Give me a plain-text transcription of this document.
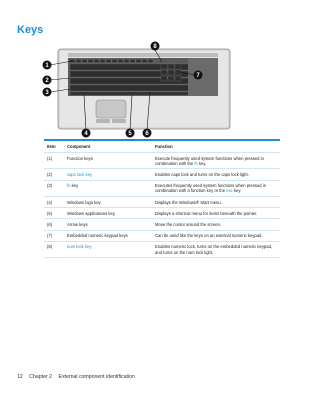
Keys
1
2
3
4	5 6
7
8
Item	Component	Function
(1)	Function keys	Execute frequently used system functions when pressed in combination with the fn key.
(2)	caps lock key	Enables caps lock and turns on the caps lock light.
(3)	fn key	Executes frequently used system functions when pressed in combination with a function key or the esc key.
(4)	Windows logo key	Displays the Windows® Start menu.
(5)	Windows applications key	Displays a shortcut menu for items beneath the pointer.
(6)	Arrow keys	Move the cursor around the screen.
(7)	Embedded numeric keypad keys	Can be used like the keys on an external numeric keypad.
(8)	num lock key	Enables numeric lock, turns on the embedded numeric keypad, and turns on the num lock light.
12 Chapter 2 External component identification
